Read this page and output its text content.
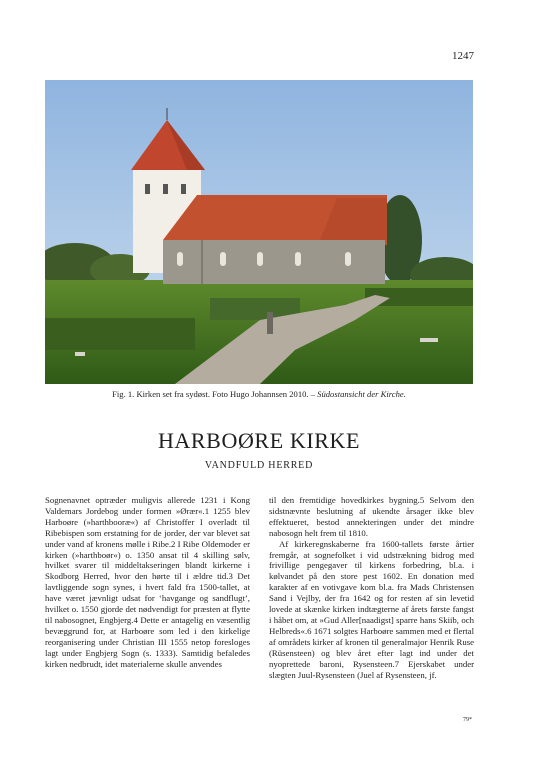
1247
Fig. 1. Kirken set fra sydøst. Foto Hugo Johannsen 2010. – Südostansicht der Kirche.
HARBOØRE KIRKE
VANDFULD HERRED

Sognenavnet optræder muligvis allerede 1231 i Kong Valdemars Jordebog under formen »Ørær«.1 1255 blev Harboøre (»harthbooræ«) af Christoffer I overladt til Ribebispen som erstatning for de jorder, der var blevet sat under vand af kronens mølle i Ribe.2 I Ribe Oldemoder er kirken (»harthboør«) o. 1350 ansat til 4 skilling sølv, hvilket svarer til middeltakseringen blandt kirkerne i Skodborg Herred, hvor den hørte til i ældre tid.3 Det lavtliggende sogn synes, i hvert fald fra 1500-tallet, at have været jævnligt udsat for ‘havgange og sandflugt’, hvilket o. 1550 gjorde det nødvendigt for præsten at flytte til nabosognet, Engbjerg.4 Dette er antagelig en væsentlig bevæggrund for, at Harboøre som led i den kirkelige reorganisering under Christian III 1555 netop foresloges lagt under Engbjerg Sogn (s. 1333). Samtidig befaledes kirken nedbrudt, idet materialerne skulle anvendes

til den fremtidige hovedkirkes bygning.5 Selvom den sidstnævnte beslutning af ukendte årsager ikke blev effektueret, bestod annekteringen under det mindre nabosogn helt frem til 1810.

Af kirkeregnskaberne fra 1600-tallets første årtier fremgår, at sognefolket i vid udstrækning bidrog med frivillige pengegaver til kirkens forbedring, bl.a. i kølvandet på den store pest 1602. En donation med karakter af en votivgave kom bl.a. fra Mads Christensen Sand i Vejlby, der fra 1642 og for resten af sin levetid lovede at skænke kirken indtægterne af årets første fangst i håbet om, at »Gud Aller[naadigst] sparre hans Skiib, och Helbreds«.6 1671 solgtes Harboøre sammen med et flertal af områdets kirker af kronen til generalmajor Henrik Ruse (Rüsensteen) og blev året efter lagt ind under det nyoprettede baroni, Rysensteen.7 Ejerskabet under slægten Juul-Rysensteen (Juel af Rysensteen, jf.

79*
